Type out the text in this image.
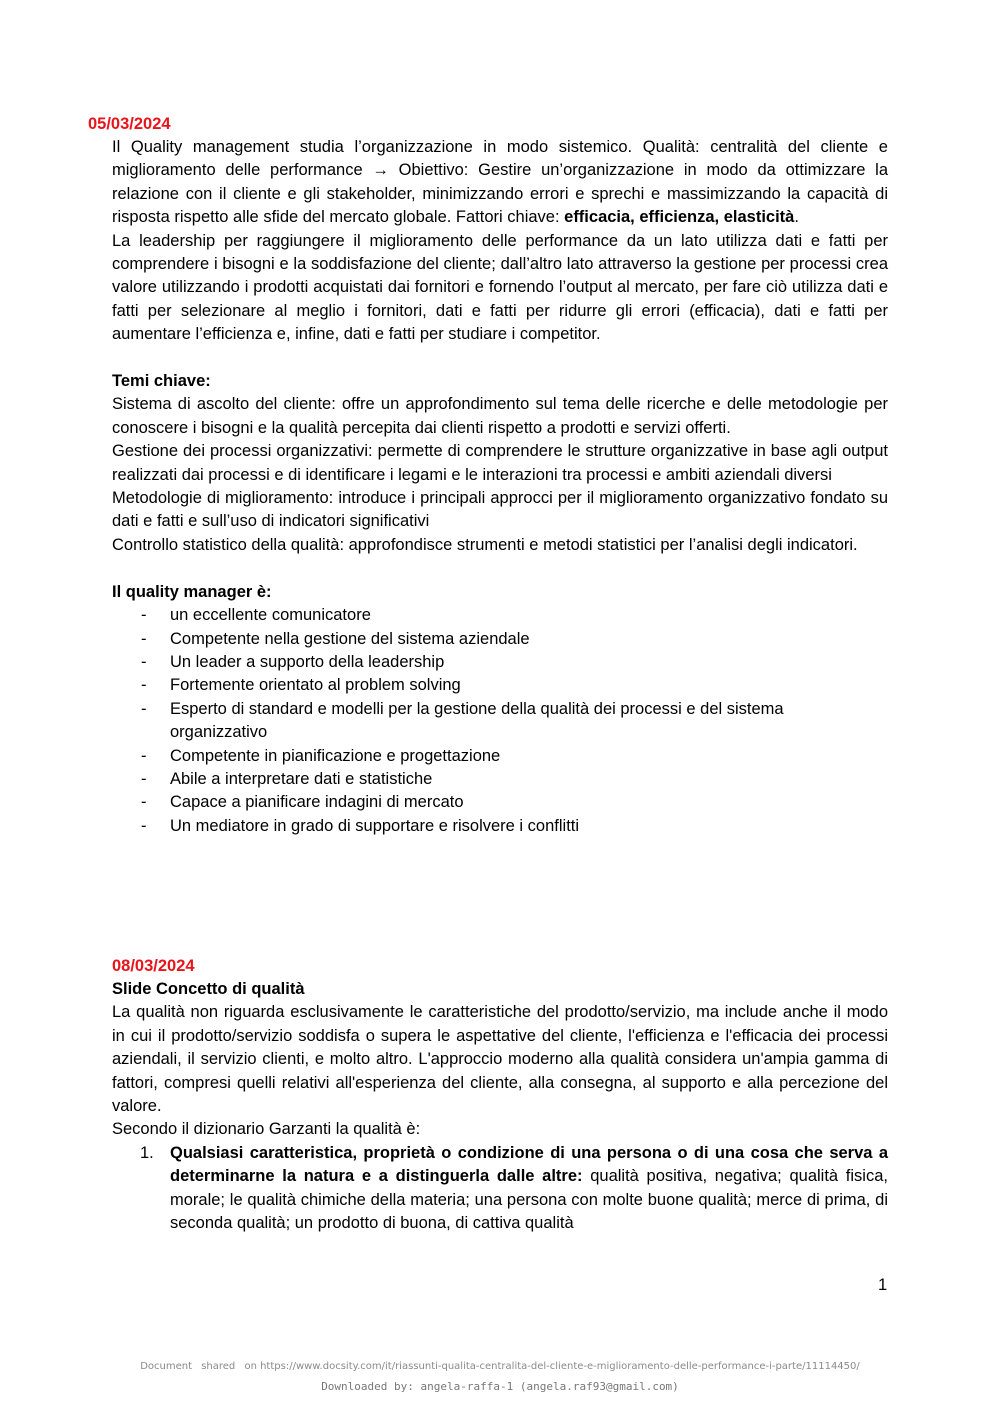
05/03/2024

Il Quality management studia l’organizzazione in modo sistemico. Qualità: centralità del cliente e miglioramento delle performance → Obiettivo: Gestire un’organizzazione in modo da ottimizzare la relazione con il cliente e gli stakeholder, minimizzando errori e sprechi e massimizzando la capacità di risposta rispetto alle sfide del mercato globale. Fattori chiave: efficacia, efficienza, elasticità.

La leadership per raggiungere il miglioramento delle performance da un lato utilizza dati e fatti per comprendere i bisogni e la soddisfazione del cliente; dall’altro lato attraverso la gestione per processi crea valore utilizzando i prodotti acquistati dai fornitori e fornendo l’output al mercato, per fare ciò utilizza dati e fatti per selezionare al meglio i fornitori, dati e fatti per ridurre gli errori (efficacia), dati e fatti per aumentare l’efficienza e, infine, dati e fatti per studiare i competitor.

Temi chiave:

Sistema di ascolto del cliente: offre un approfondimento sul tema delle ricerche e delle metodologie per conoscere i bisogni e la qualità percepita dai clienti rispetto a prodotti e servizi offerti.

Gestione dei processi organizzativi: permette di comprendere le strutture organizzative in base agli output realizzati dai processi e di identificare i legami e le interazioni tra processi e ambiti aziendali diversi

Metodologie di miglioramento: introduce i principali approcci per il miglioramento organizzativo fondato su dati e fatti e sull’uso di indicatori significativi

Controllo statistico della qualità: approfondisce strumenti e metodi statistici per l’analisi degli indicatori.

Il quality manager è:

- un eccellente comunicatore
- Competente nella gestione del sistema aziendale
- Un leader a supporto della leadership
- Fortemente orientato al problem solving
- Esperto di standard e modelli per la gestione della qualità dei processi e del sistema organizzativo
- Competente in pianificazione e progettazione
- Abile a interpretare dati e statistiche
- Capace a pianificare indagini di mercato
- Un mediatore in grado di supportare e risolvere i conflitti

08/03/2024

Slide Concetto di qualità

La qualità non riguarda esclusivamente le caratteristiche del prodotto/servizio, ma include anche il modo in cui il prodotto/servizio soddisfa o supera le aspettative del cliente, l'efficienza e l'efficacia dei processi aziendali, il servizio clienti, e molto altro. L'approccio moderno alla qualità considera un'ampia gamma di fattori, compresi quelli relativi all'esperienza del cliente, alla consegna, al supporto e alla percezione del valore.

Secondo il dizionario Garzanti la qualità è:

1. Qualsiasi caratteristica, proprietà o condizione di una persona o di una cosa che serva a determinarne la natura e a distinguerla dalle altre: qualità positiva, negativa; qualità fisica, morale; le qualità chimiche della materia; una persona con molte buone qualità; merce di prima, di seconda qualità; un prodotto di buona, di cattiva qualità
1
Document shared on https://www.docsity.com/it/riassunti-qualita-centralita-del-cliente-e-miglioramento-delle-performance-i-parte/11114450/
Downloaded by: angela-raffa-1 (angela.raf93@gmail.com)
